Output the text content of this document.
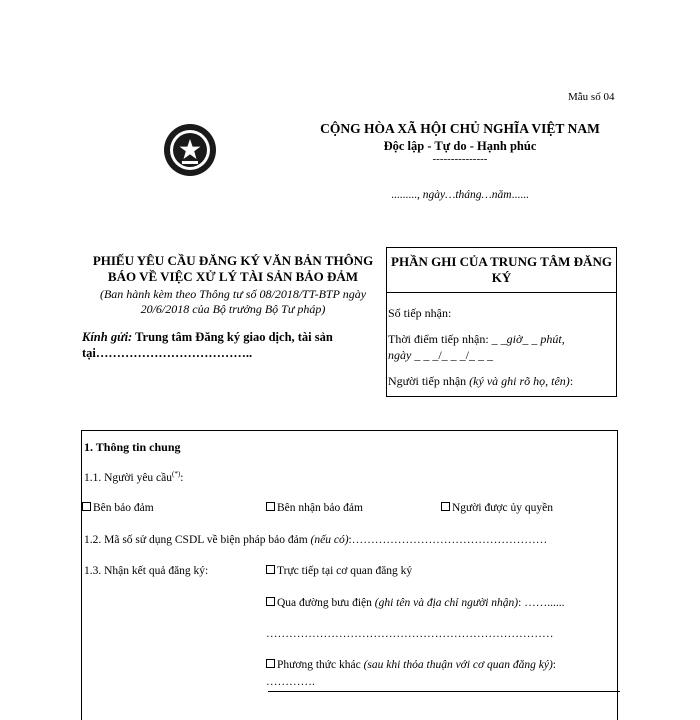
Mẫu số 04
CỘNG HÒA XÃ HỘI CHỦ NGHĨA VIỆT NAM
Độc lập - Tự do - Hạnh phúc
---------------
........., ngày…tháng…năm......
PHIẾU YÊU CẦU ĐĂNG KÝ VĂN BẢN THÔNG BÁO VỀ VIỆC XỬ LÝ TÀI SẢN BẢO ĐẢM
(Ban hành kèm theo Thông tư số 08/2018/TT-BTP ngày 20/6/2018 của Bộ trưởng Bộ Tư pháp)
Kính gửi: Trung tâm Đăng ký giao dịch, tài sản tại………………………………..
PHẦN GHI CỦA TRUNG TÂM ĐĂNG KÝ
Số tiếp nhận:
Thời điểm tiếp nhận: _ _giờ_ _ phút,
ngày _ _ _/_ _ _/_ _ _
Người tiếp nhận (ký và ghi rõ họ, tên):
1. Thông tin chung
1.1. Người yêu cầu(*):
Bên bảo đảm	Bên nhận bảo đảm	Người được ủy quyền
1.2. Mã số sử dụng CSDL về biện pháp bảo đảm (nếu có):……………………………………………
1.3. Nhận kết quả đăng ký:	Trực tiếp tại cơ quan đăng ký
Qua đường bưu điện (ghi tên và địa chỉ người nhận): ……......
…………………………………………………………………
Phương thức khác (sau khi thỏa thuận với cơ quan đăng ký):
………….
